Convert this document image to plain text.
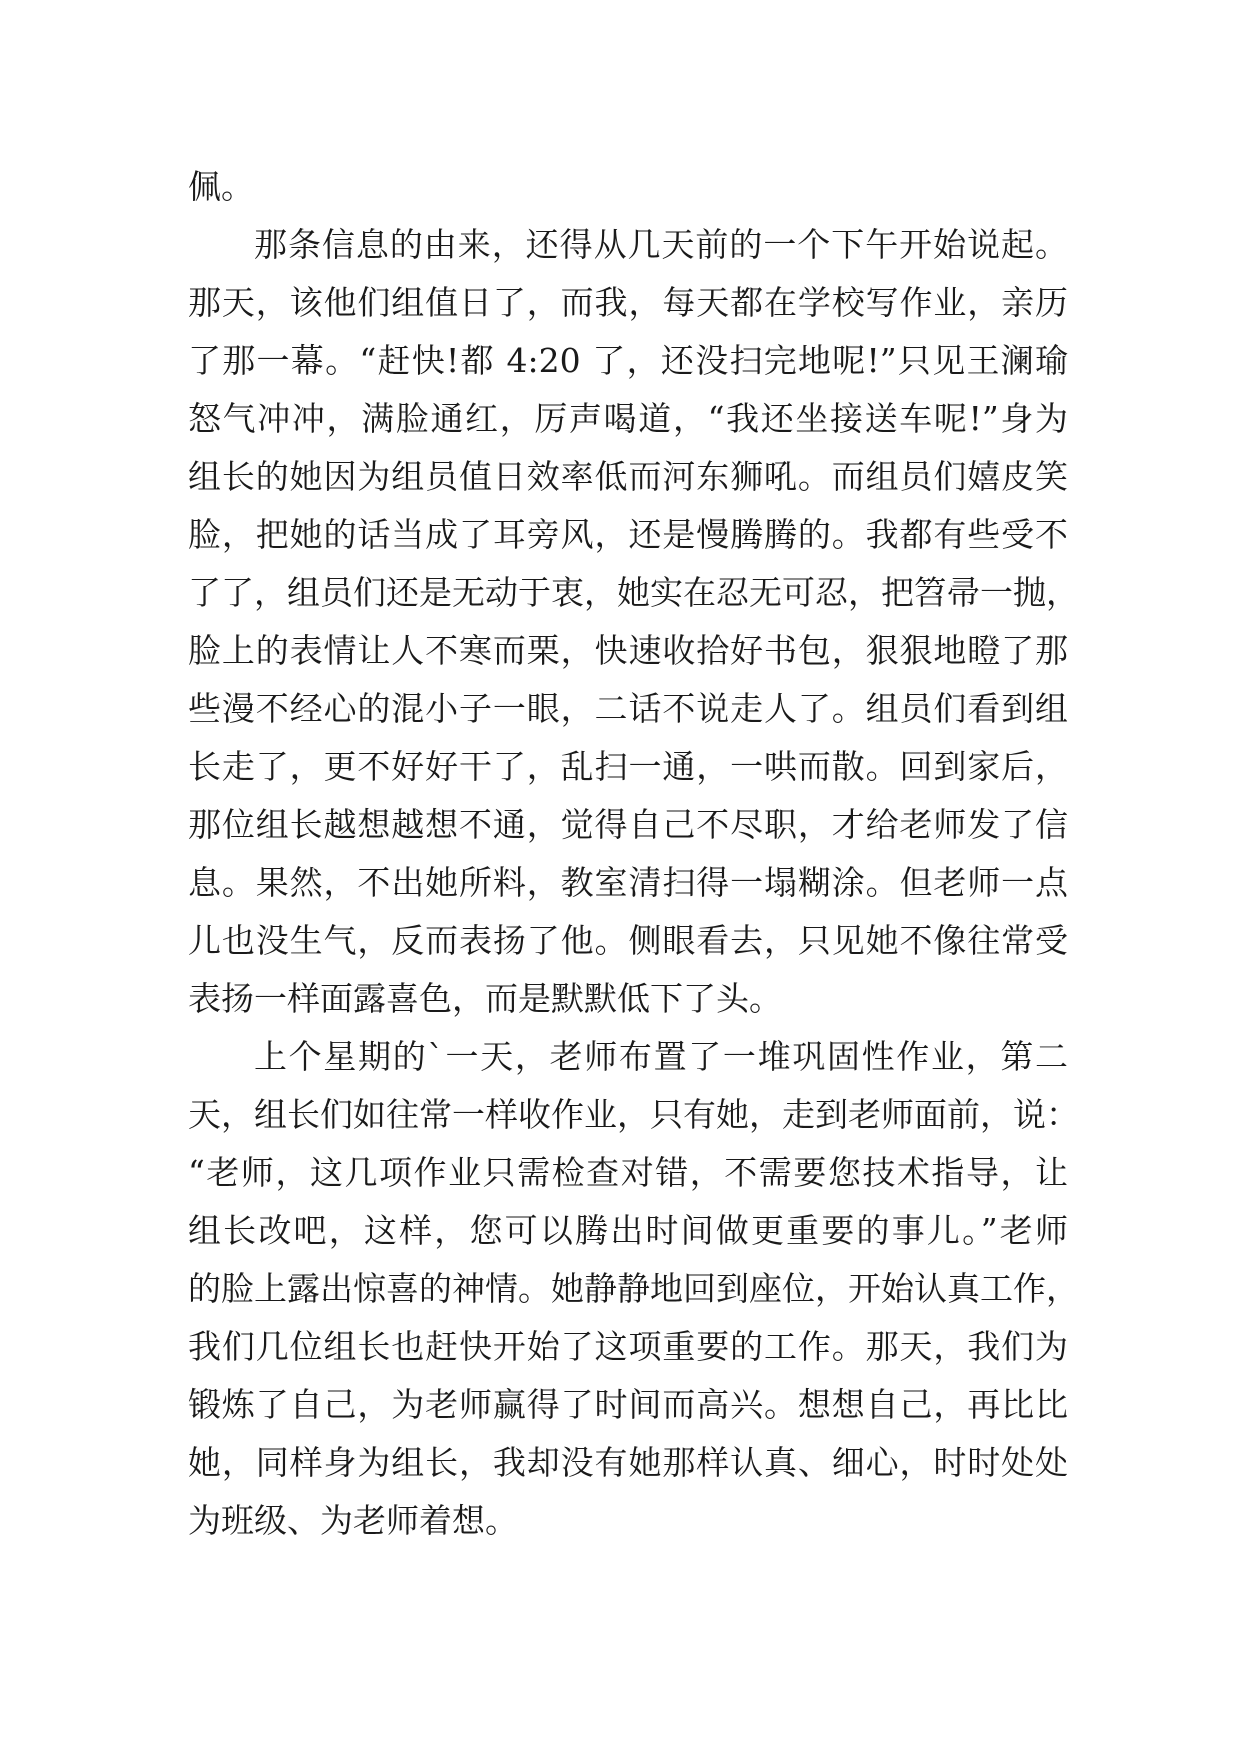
佩。
那条信息的由来，还得从几天前的一个下午开始说起。
那天，该他们组值日了，而我，每天都在学校写作业，亲历
了那一幕。“赶快!都 4:20 了，还没扫完地呢!”只见王澜瑜
怒气冲冲，满脸通红，厉声喝道，“我还坐接送车呢!”身为
组长的她因为组员值日效率低而河东狮吼。而组员们嬉皮笑
脸，把她的话当成了耳旁风，还是慢腾腾的。我都有些受不
了了，组员们还是无动于衷，她实在忍无可忍，把笤帚一抛，
脸上的表情让人不寒而栗，快速收拾好书包，狠狠地瞪了那
些漫不经心的混小子一眼，二话不说走人了。组员们看到组
长走了，更不好好干了，乱扫一通，一哄而散。回到家后，
那位组长越想越想不通，觉得自己不尽职，才给老师发了信
息。果然，不出她所料，教室清扫得一塌糊涂。但老师一点
儿也没生气，反而表扬了他。侧眼看去，只见她不像往常受
表扬一样面露喜色，而是默默低下了头。
上个星期的`一天，老师布置了一堆巩固性作业，第二
天，组长们如往常一样收作业，只有她，走到老师面前，说：
“老师，这几项作业只需检查对错，不需要您技术指导，让
组长改吧，这样，您可以腾出时间做更重要的事儿。”老师
的脸上露出惊喜的神情。她静静地回到座位，开始认真工作，
我们几位组长也赶快开始了这项重要的工作。那天，我们为
锻炼了自己，为老师赢得了时间而高兴。想想自己，再比比
她，同样身为组长，我却没有她那样认真、细心，时时处处
为班级、为老师着想。
